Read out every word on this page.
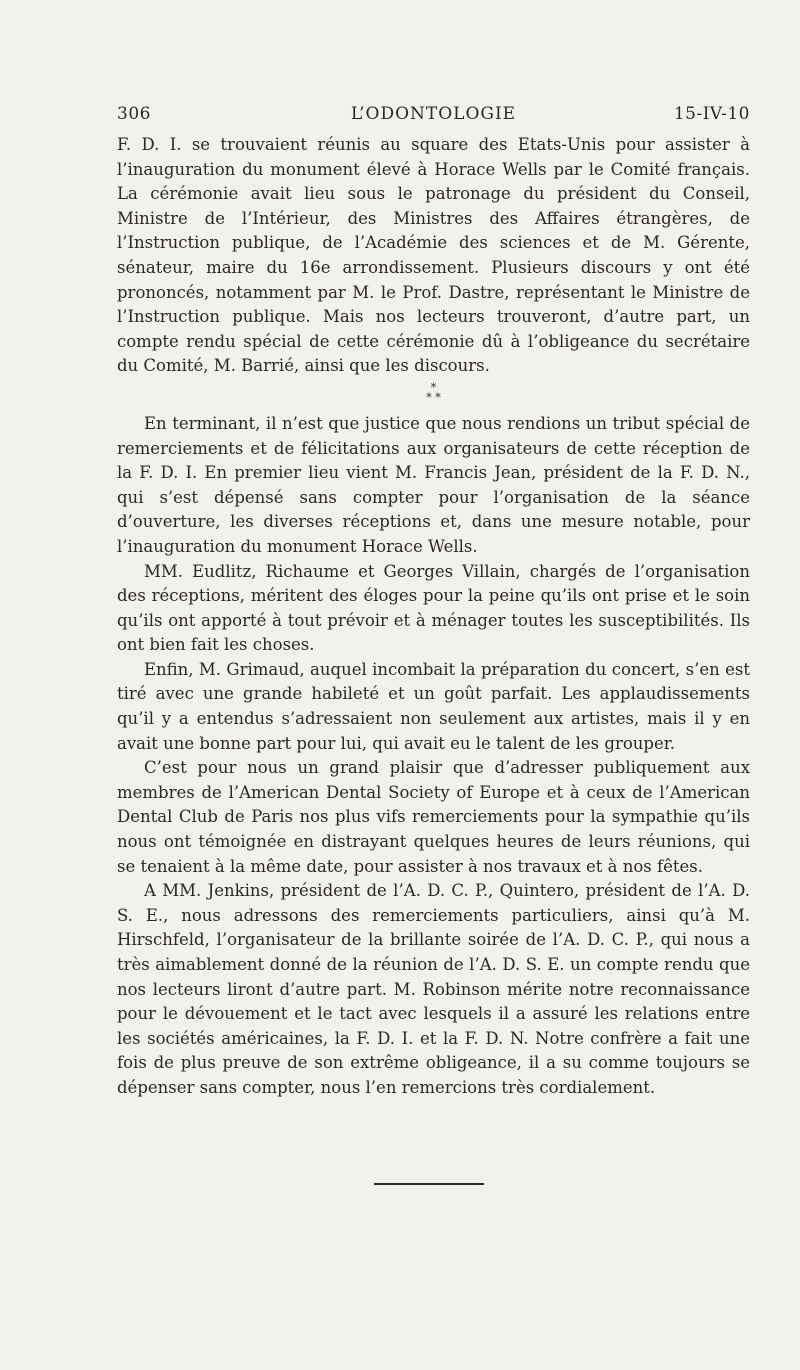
306	L’ODONTOLOGIE	15-IV-10

F. D. I. se trouvaient réunis au square des Etats-Unis pour assister à l’inauguration du monument élevé à Horace Wells par le Comité français. La cérémonie avait lieu sous le patronage du président du Conseil, Ministre de l’Intérieur, des Ministres des Affaires étrangères, de l’Instruction publique, de l’Académie des sciences et de M. Gérente, sénateur, maire du 16e arrondissement. Plusieurs discours y ont été prononcés, notamment par M. le Prof. Dastre, représentant le Ministre de l’Instruction publique. Mais nos lecteurs trouveront, d’autre part, un compte rendu spécial de cette cérémonie dû à l’obligeance du secrétaire du Comité, M. Barrié, ainsi que les discours.

*
* *

En terminant, il n’est que justice que nous rendions un tribut spécial de remerciements et de félicitations aux organisateurs de cette réception de la F. D. I. En premier lieu vient M. Francis Jean, président de la F. D. N., qui s’est dépensé sans compter pour l’organisation de la séance d’ouverture, les diverses réceptions et, dans une mesure notable, pour l’inauguration du monument Horace Wells.

MM. Eudlitz, Richaume et Georges Villain, chargés de l’organisation des réceptions, méritent des éloges pour la peine qu’ils ont prise et le soin qu’ils ont apporté à tout prévoir et à ménager toutes les susceptibilités. Ils ont bien fait les choses.

Enfin, M. Grimaud, auquel incombait la préparation du concert, s’en est tiré avec une grande habileté et un goût parfait. Les applaudissements qu’il y a entendus s’adressaient non seulement aux artistes, mais il y en avait une bonne part pour lui, qui avait eu le talent de les grouper.

C’est pour nous un grand plaisir que d’adresser publiquement aux membres de l’American Dental Society of Europe et à ceux de l’American Dental Club de Paris nos plus vifs remerciements pour la sympathie qu’ils nous ont témoignée en distrayant quelques heures de leurs réunions, qui se tenaient à la même date, pour assister à nos travaux et à nos fêtes.

A MM. Jenkins, président de l’A. D. C. P., Quintero, président de l’A. D. S. E., nous adressons des remerciements particuliers, ainsi qu’à M. Hirschfeld, l’organisateur de la brillante soirée de l’A. D. C. P., qui nous a très aimablement donné de la réunion de l’A. D. S. E. un compte rendu que nos lecteurs liront d’autre part. M. Robinson mérite notre reconnaissance pour le dévouement et le tact avec lesquels il a assuré les relations entre les sociétés américaines, la F. D. I. et la F. D. N. Notre confrère a fait une fois de plus preuve de son extrême obligeance, il a su comme toujours se dépenser sans compter, nous l’en remercions très cordialement.
